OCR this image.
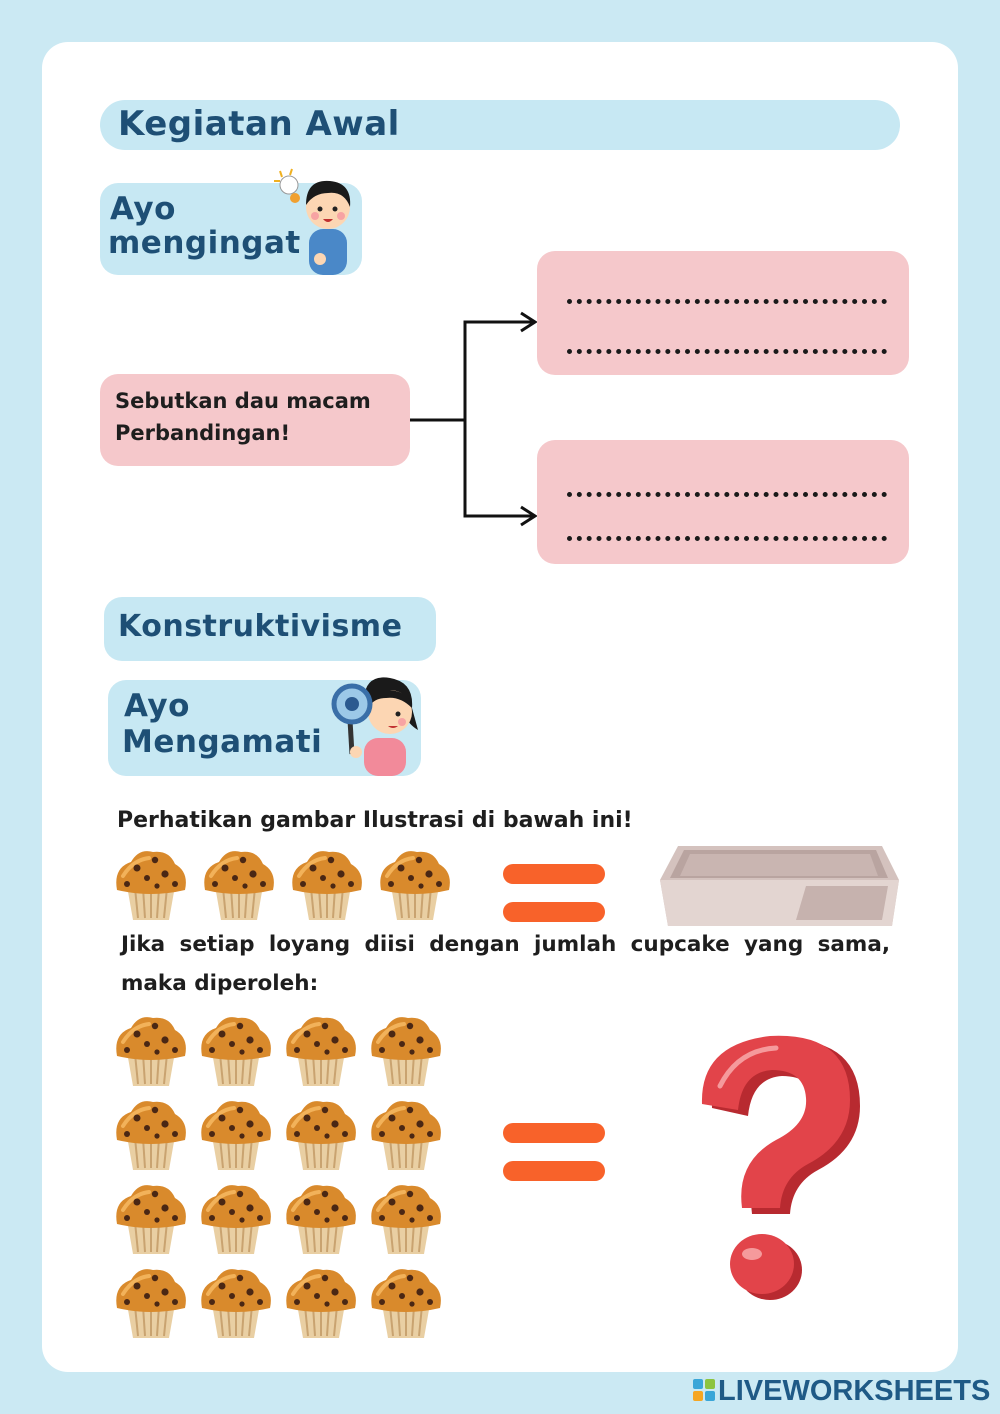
Kegiatan Awal
Ayo
mengingat
Sebutkan dau macam
Perbandingan!
Konstruktivisme
Ayo
Mengamati
Perhatikan gambar Ilustrasi di bawah ini!
Jika setiap loyang diisi dengan jumlah cupcake yang sama,
maka diperoleh:

LIVEWORKSHEETS
